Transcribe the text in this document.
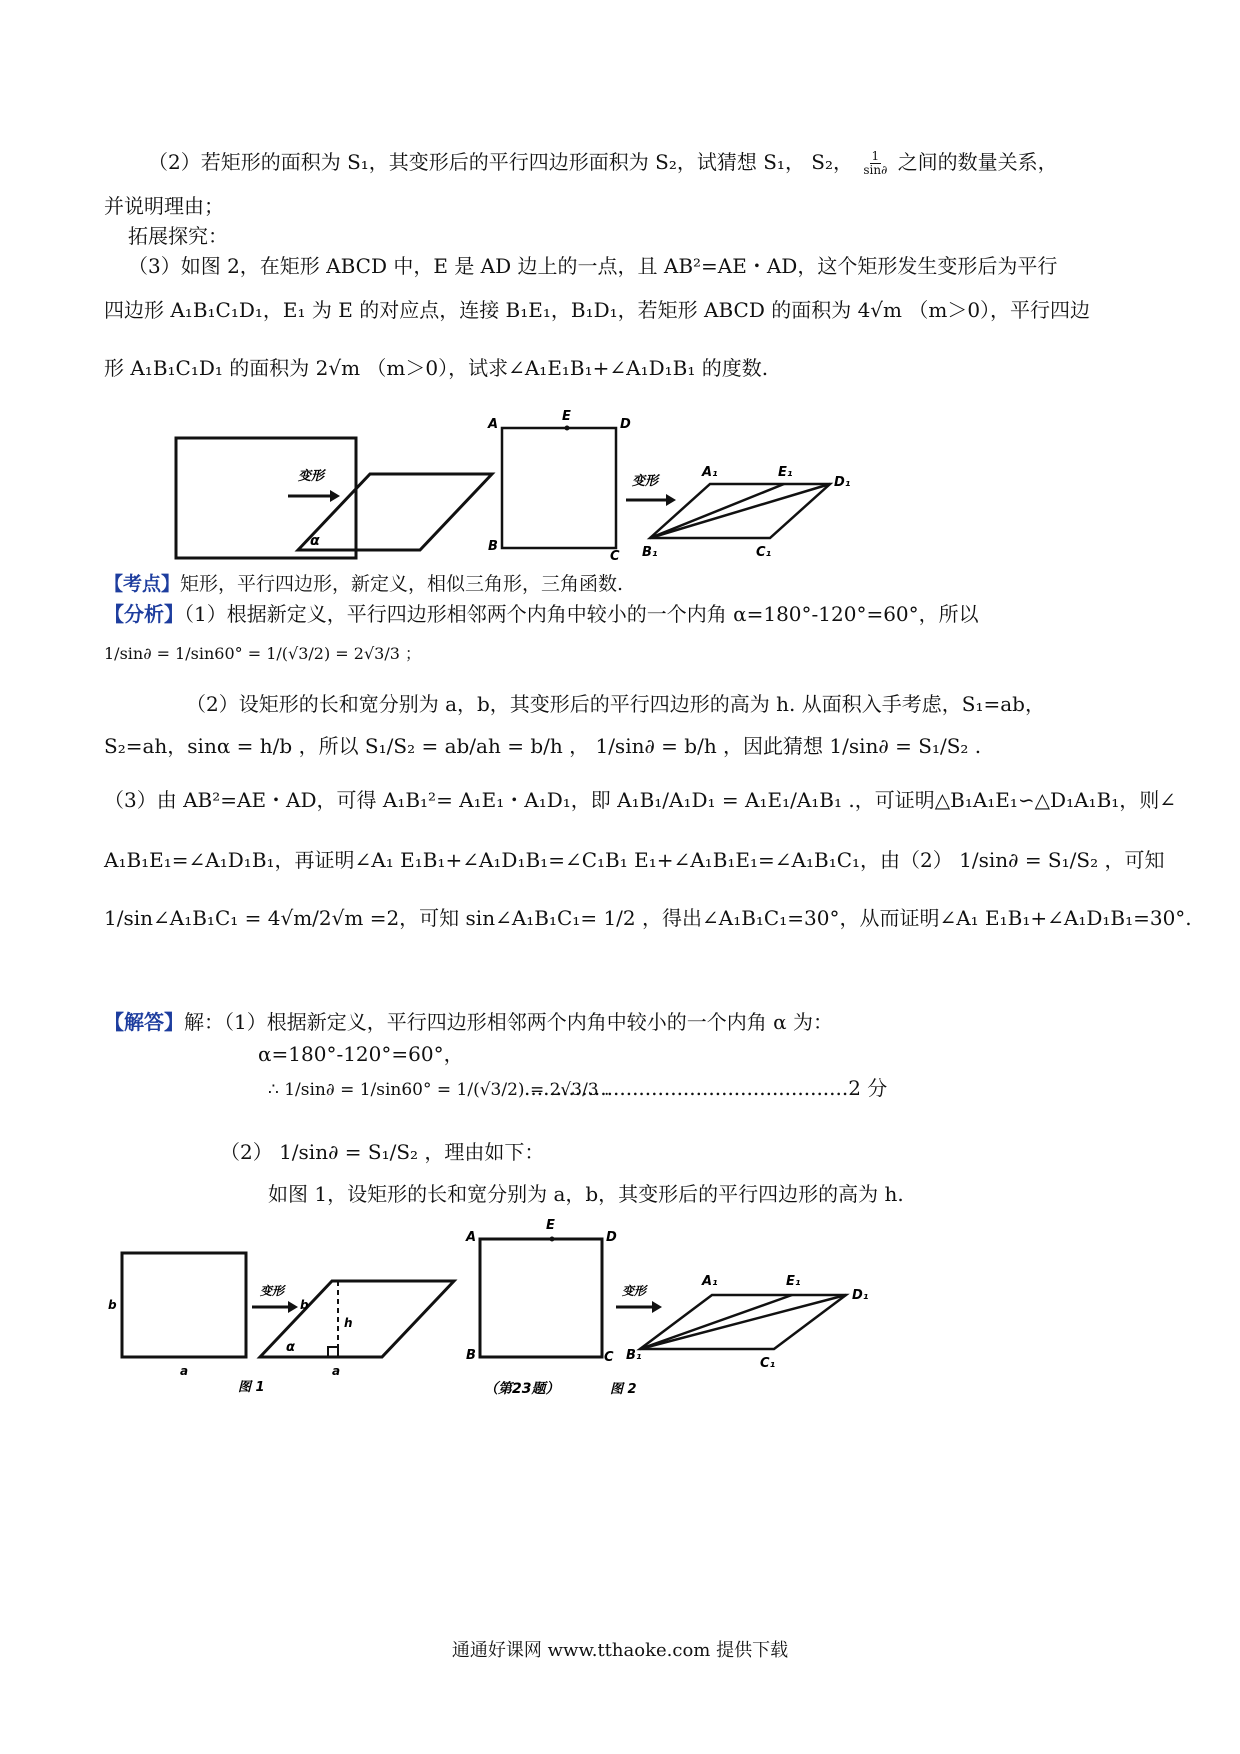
（2）若矩形的面积为 S₁，其变形后的平行四边形面积为 S₂，试猜想 S₁， S₂， $\frac{1}{\sin\partial}$ 之间的数量关系，
并说明理由；
拓展探究：
（3）如图 2，在矩形 ABCD 中，E 是 AD 边上的一点，且 AB²=AE・AD，这个矩形发生变形后为平行
四边形 A₁B₁C₁D₁，E₁ 为 E 的对应点，连接 B₁E₁，B₁D₁，若矩形 ABCD 的面积为 4√m （m＞0），平行四边
形 A₁B₁C₁D₁ 的面积为 2√m （m＞0），试求∠A₁E₁B₁+∠A₁D₁B₁ 的度数.
变形
α
A
E
D
B
C
变形
A₁	E₁
D₁
B₁	C₁
【考点】矩形，平行四边形，新定义，相似三角形，三角函数.
【分析】（1）根据新定义，平行四边形相邻两个内角中较小的一个内角 α=180°-120°=60°，所以
1/sin∂ = 1/sin60° = 1/(√3/2) = 2√3/3 ；
（2）设矩形的长和宽分别为 a，b，其变形后的平行四边形的高为 h. 从面积入手考虑，S₁=ab，
S₂=ah，sinα = h/b ，所以 S₁/S₂ = ab/ah = b/h ， 1/sin∂ = b/h ，因此猜想 1/sin∂ = S₁/S₂ .
（3）由 AB²=AE・AD，可得 A₁B₁²= A₁E₁・A₁D₁，即 A₁B₁/A₁D₁ = A₁E₁/A₁B₁ .，可证明△B₁A₁E₁∽△D₁A₁B₁，则∠
A₁B₁E₁=∠A₁D₁B₁，再证明∠A₁ E₁B₁+∠A₁D₁B₁=∠C₁B₁ E₁+∠A₁B₁E₁=∠A₁B₁C₁，由（2） 1/sin∂ = S₁/S₂ ，可知
1/sin∠A₁B₁C₁ = 4√m/2√m =2，可知 sin∠A₁B₁C₁= 1/2 ，得出∠A₁B₁C₁=30°，从而证明∠A₁ E₁B₁+∠A₁D₁B₁=30°.
【解答】解：（1）根据新定义，平行四边形相邻两个内角中较小的一个内角 α 为：
α=180°-120°=60°，
∴ 1/sin∂ = 1/sin60° = 1/(√3/2) = 2√3/3 .
...................................................2 分
（2） 1/sin∂ = S₁/S₂ ，理由如下：
如图 1，设矩形的长和宽分别为 a，b，其变形后的平行四边形的高为 h.
b
a
变形
b
h
α
a
图 1
A
E
D
B	C
（第23题）
变形
A₁	E₁
D₁
B₁
C₁
图 2
通通好课网 www.tthaoke.com 提供下载
